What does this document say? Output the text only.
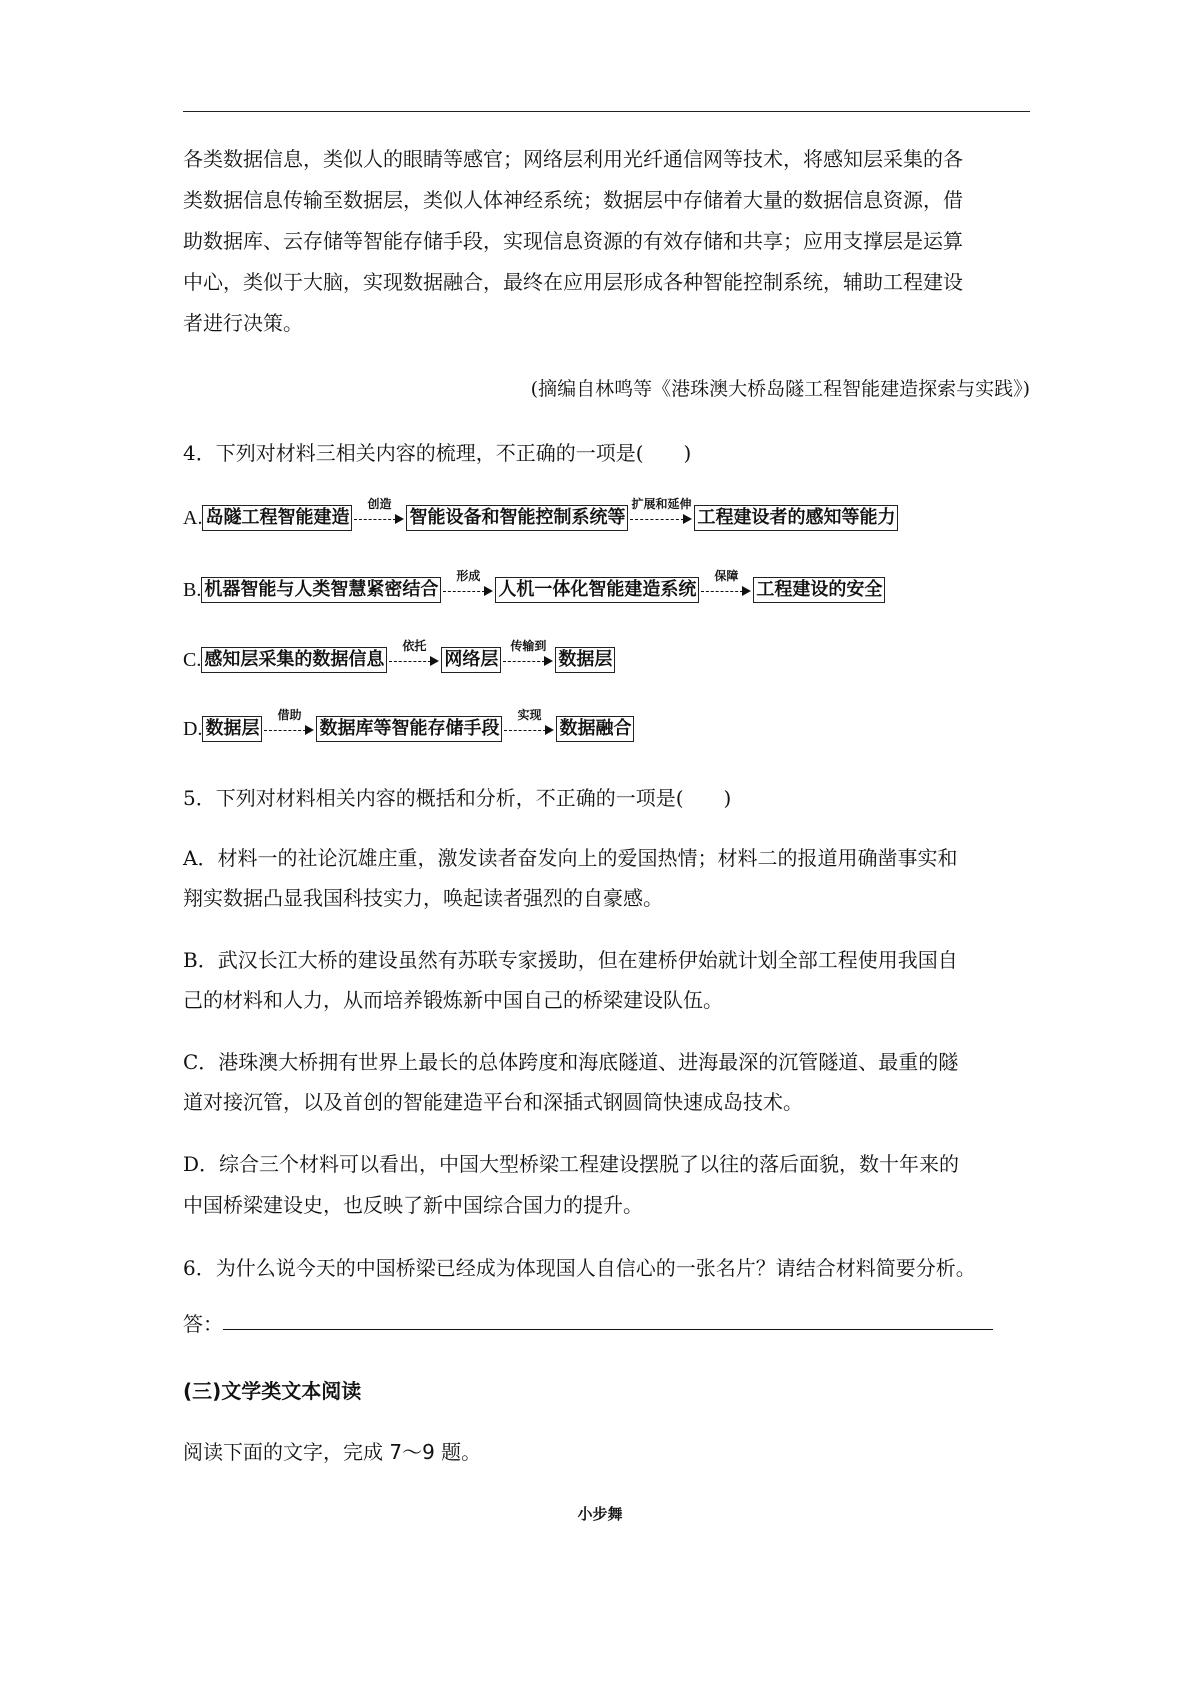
各类数据信息，类似人的眼睛等感官；网络层利用光纤通信网等技术，将感知层采集的各
类数据信息传输至数据层，类似人体神经系统；数据层中存储着大量的数据信息资源，借
助数据库、云存储等智能存储手段，实现信息资源的有效存储和共享；应用支撑层是运算
中心，类似于大脑，实现数据融合，最终在应用层形成各种智能控制系统，辅助工程建设
者进行决策。
(摘编自林鸣等《港珠澳大桥岛隧工程智能建造探索与实践》)
4．下列对材料三相关内容的梳理，不正确的一项是(　　)
A. 岛隧工程智能建造
创造
智能设备和智能控制系统等
扩展和延伸
工程建设者的感知等能力
B. 机器智能与人类智慧紧密结合
形成
人机一体化智能建造系统
保障
工程建设的安全
C. 感知层采集的数据信息
依托
网络层
传输到
数据层
D. 数据层
借助
数据库等智能存储手段
实现
数据融合
5．下列对材料相关内容的概括和分析，不正确的一项是(　　)
A．材料一的社论沉雄庄重，激发读者奋发向上的爱国热情；材料二的报道用确凿事实和
翔实数据凸显我国科技实力，唤起读者强烈的自豪感。
B．武汉长江大桥的建设虽然有苏联专家援助，但在建桥伊始就计划全部工程使用我国自
己的材料和人力，从而培养锻炼新中国自己的桥梁建设队伍。
C．港珠澳大桥拥有世界上最长的总体跨度和海底隧道、进海最深的沉管隧道、最重的隧
道对接沉管，以及首创的智能建造平台和深插式钢圆筒快速成岛技术。
D．综合三个材料可以看出，中国大型桥梁工程建设摆脱了以往的落后面貌，数十年来的
中国桥梁建设史，也反映了新中国综合国力的提升。
6．为什么说今天的中国桥梁已经成为体现国人自信心的一张名片？请结合材料简要分析。
答：
(三)文学类文本阅读
阅读下面的文字，完成 7～9 题。
小步舞
